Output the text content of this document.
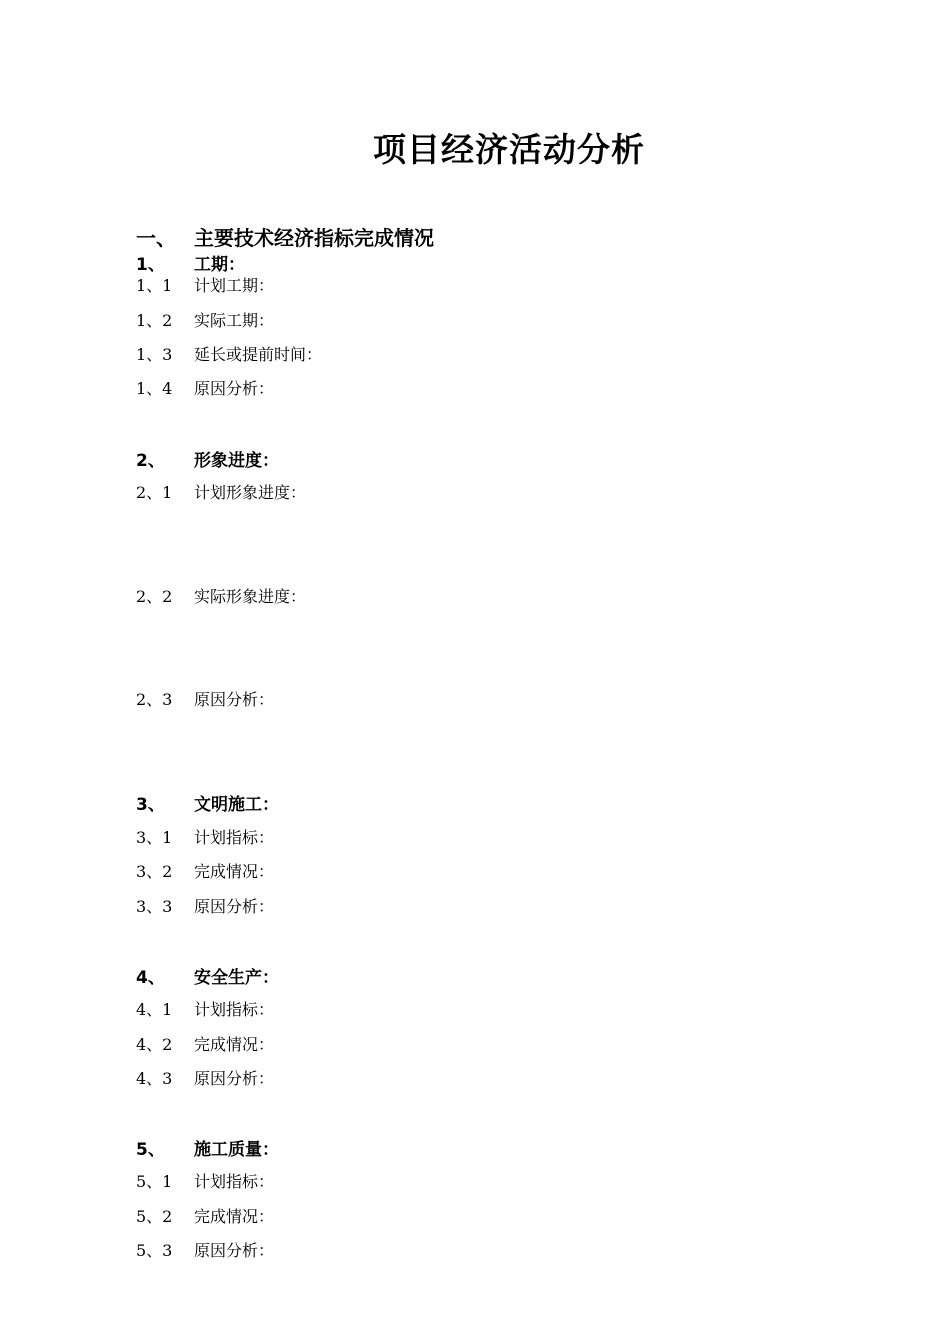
项目经济活动分析
一、 主要技术经济指标完成情况
1、 工期：
1、1 计划工期：
1、2 实际工期：
1、3 延长或提前时间：
1、4 原因分析：
2、 形象进度：
2、1 计划形象进度：
2、2 实际形象进度：
2、3 原因分析：
3、 文明施工：
3、1 计划指标：
3、2 完成情况：
3、3 原因分析：
4、 安全生产：
4、1 计划指标：
4、2 完成情况：
4、3 原因分析：
5、 施工质量：
5、1 计划指标：
5、2 完成情况：
5、3 原因分析：
